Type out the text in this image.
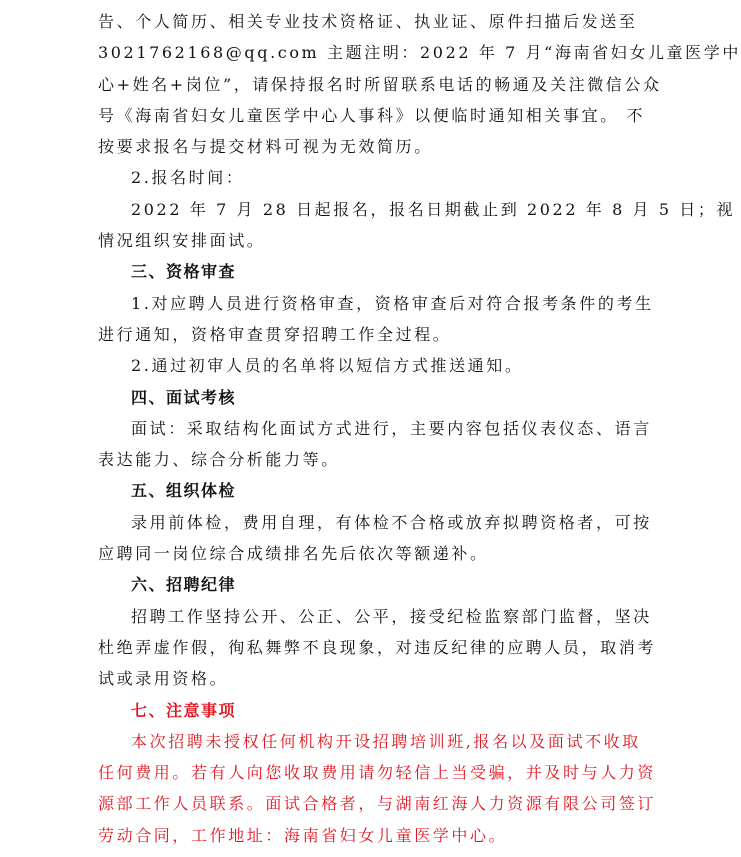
告、个人简历、相关专业技术资格证、执业证、原件扫描后发送至
3021762168@qq.com 主题注明：2022 年 7 月“海南省妇女儿童医学中
心+姓名+岗位”，请保持报名时所留联系电话的畅通及关注微信公众
号《海南省妇女儿童医学中心人事科》以便临时通知相关事宜。 不
按要求报名与提交材料可视为无效简历。
2.报名时间：
2022 年 7 月 28 日起报名，报名日期截止到 2022 年 8 月 5 日；视
情况组织安排面试。
三、资格审查
1.对应聘人员进行资格审查，资格审查后对符合报考条件的考生
进行通知，资格审查贯穿招聘工作全过程。
2.通过初审人员的名单将以短信方式推送通知。
四、面试考核
面试：采取结构化面试方式进行，主要内容包括仪表仪态、语言
表达能力、综合分析能力等。
五、组织体检
录用前体检，费用自理，有体检不合格或放弃拟聘资格者，可按
应聘同一岗位综合成绩排名先后依次等额递补。
六、招聘纪律
招聘工作坚持公开、公正、公平，接受纪检监察部门监督，坚决
杜绝弄虚作假，徇私舞弊不良现象，对违反纪律的应聘人员，取消考
试或录用资格。
七、注意事项
本次招聘未授权任何机构开设招聘培训班,报名以及面试不收取
任何费用。若有人向您收取费用请勿轻信上当受骗，并及时与人力资
源部工作人员联系。面试合格者，与湖南红海人力资源有限公司签订
劳动合同，工作地址：海南省妇女儿童医学中心。
